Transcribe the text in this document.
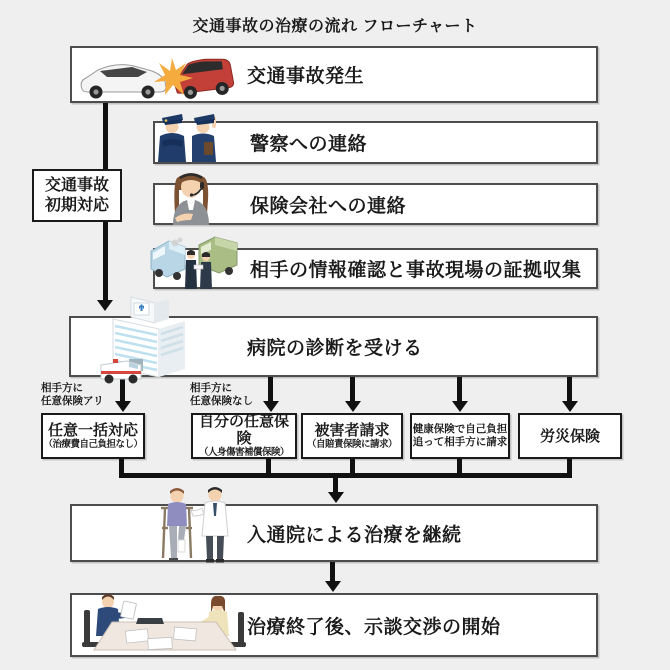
交通事故の治療の流れ フローチャート
交通事故発生
警察への連絡
保険会社への連絡
相手の情報確認と事故現場の証拠収集
病院の診断を受ける
入通院による治療を継続
治療終了後、示談交渉の開始
交通事故
初期対応
相手方に
任意保険アリ
相手方に
任意保険なし
任意一括対応
（治療費自己負担なし）
自分の任意保険
（人身傷害補償保険）
被害者請求
（自賠責保険に請求）
健康保険で自己負担
追って相手方に請求	労災保険
